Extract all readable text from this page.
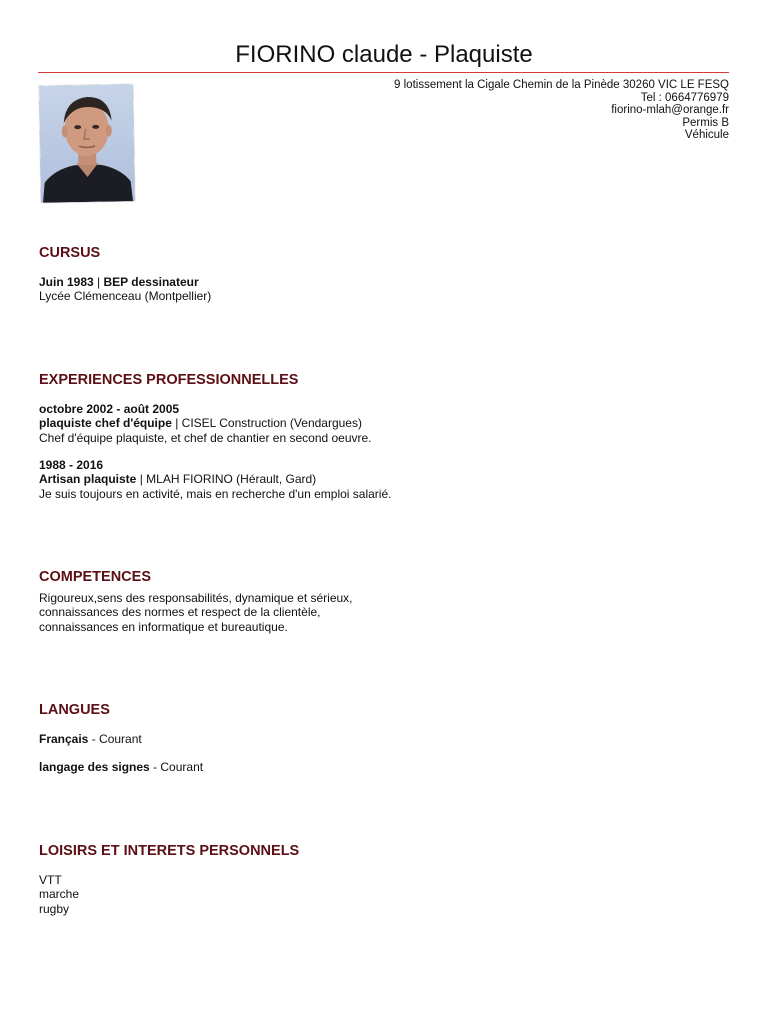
FIORINO claude - Plaquiste
9 lotissement la Cigale Chemin de la Pinède 30260 VIC LE FESQ
Tel : 0664776979
fiorino-mlah@orange.fr
Permis B
Véhicule
CURSUS
Juin 1983 | BEP dessinateur
Lycée Clémenceau (Montpellier)
EXPERIENCES PROFESSIONNELLES
octobre 2002 - août 2005
plaquiste chef d'équipe | CISEL Construction (Vendargues)
Chef d'équipe plaquiste, et chef de chantier en second oeuvre.
1988 - 2016
Artisan plaquiste | MLAH FIORINO (Hérault, Gard)
Je suis toujours en activité, mais en recherche d'un emploi salarié.
COMPETENCES
Rigoureux,sens des responsabilités, dynamique et sérieux,
connaissances des normes et respect de la clientèle,
connaissances en informatique et bureautique.
LANGUES
Français - Courant
langage des signes - Courant
LOISIRS ET INTERETS PERSONNELS
VTT
marche
rugby
